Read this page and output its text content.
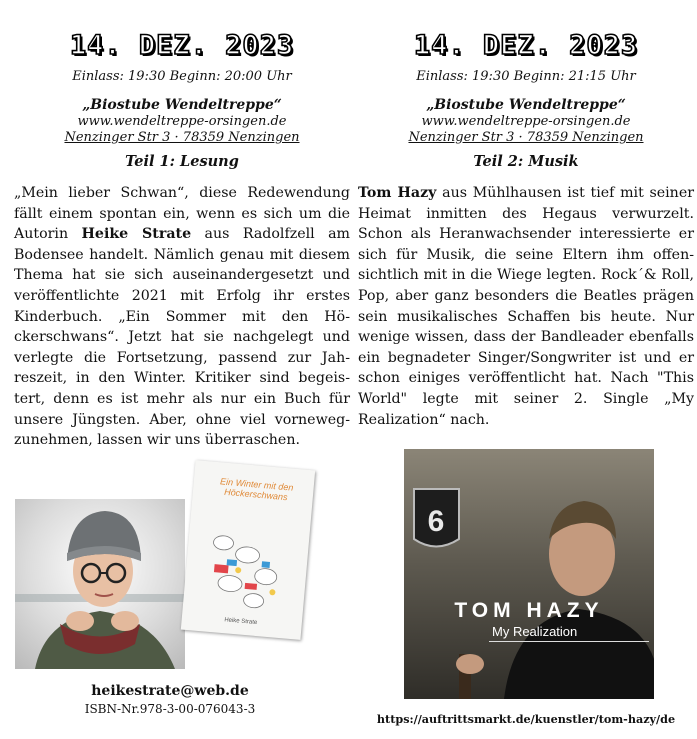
14. DEZ. 2023
Einlass: 19:30 Beginn: 20:00 Uhr
„Biostube Wendeltreppe“
www.wendeltreppe-orsingen.de
Nenzinger Str 3 · 78359 Nenzingen
Teil 1: Lesung
„Mein lieber Schwan“, diese Redewendung fällt einem spontan ein, wenn es sich um die Autorin Heike Strate aus Radolfzell am Bodensee handelt. Nämlich genau mit diesem Thema hat sie sich auseinandergesetzt und veröffentlichte 2021 mit Erfolg ihr erstes Kinderbuch. „Ein Sommer mit den Höckerschwans“. Jetzt hat sie nachgelegt und verlegte die Fortsetzung, passend zur Jahreszeit, in den Winter. Kritiker sind begeistert, denn es ist mehr als nur ein Buch für unsere Jüngsten. Aber, ohne viel vornewegzunehmen, lassen wir uns überraschen.
Ein Winter mit den Höckerschwans
Heike Strate
heikestrate@web.de
ISBN-Nr.978-3-00-076043-3
14. DEZ. 2023
Einlass: 19:30 Beginn: 21:15 Uhr
„Biostube Wendeltreppe“
www.wendeltreppe-orsingen.de
Nenzinger Str 3 · 78359 Nenzingen
Teil 2: Musik
Tom Hazy aus Mühlhausen ist tief mit seiner Heimat inmitten des Hegaus verwurzelt. Schon als Heranwachsender interessierte er sich für Musik, die seine Eltern ihm offensichtlich mit in die Wiege legten. Rock´& Roll, Pop, aber ganz besonders die Beatles prägen sein musikalisches Schaffen bis heute. Nur wenige wissen, dass der Bandleader ebenfalls ein begnadeter Singer/Songwriter ist und er schon einiges veröffentlicht hat. Nach "This World" legte mit seiner 2. Single „My Realization“ nach.
6
TOM HAZY
My Realization
https://auftrittsmarkt.de/kuenstler/tom-hazy/de
